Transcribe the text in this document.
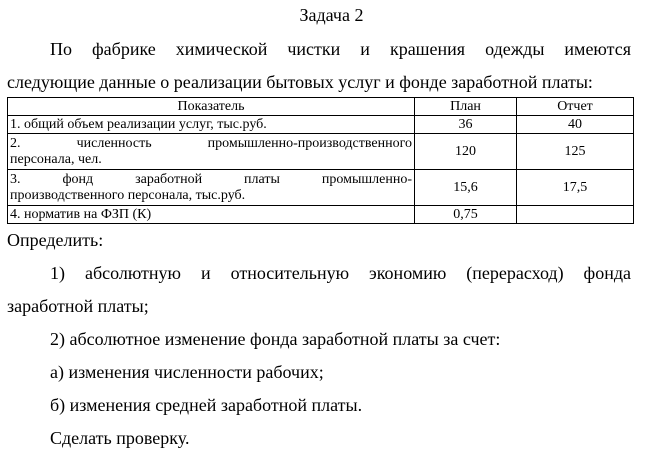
Задача 2
По фабрике химической чистки и крашения одежды имеются
следующие данные о реализации бытовых услуг и фонде заработной платы:
Показатель	План	Отчет

1. общий объем реализации услуг, тыс.руб.	36	40

2. численность промышленно-производственного
персонала, чел.	120	125

3. фонд заработной платы промышленно-
производственного персонала, тыс.руб.	15,6	17,5

4. норматив на ФЗП (К)	0,75	
Определить:
1) абсолютную и относительную экономию (перерасход) фонда
заработной платы;
2) абсолютное изменение фонда заработной платы за счет:
а) изменения численности рабочих;
б) изменения средней заработной платы.
Сделать проверку.
